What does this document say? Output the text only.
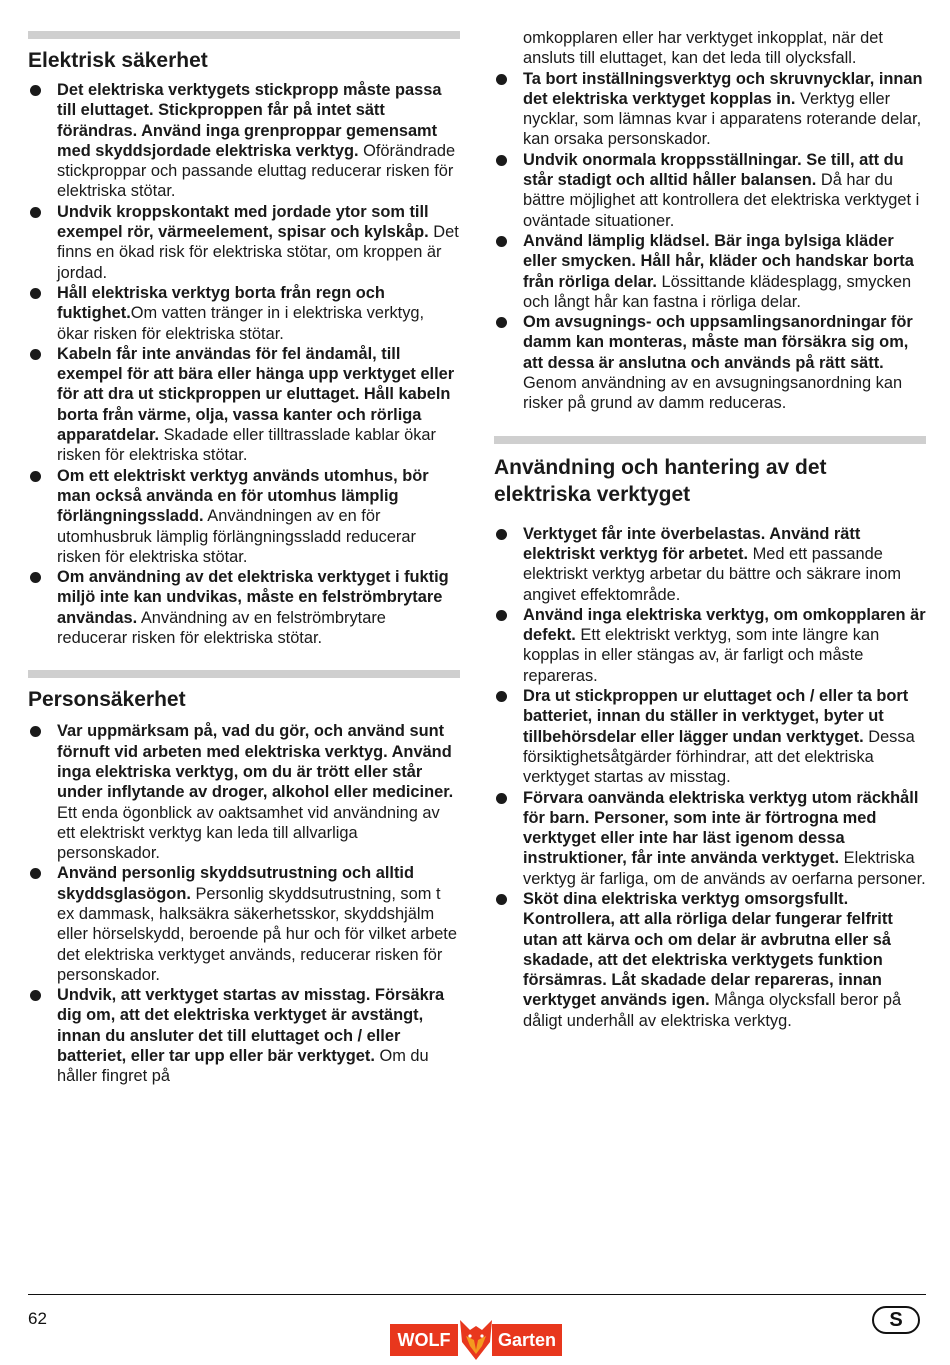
Elektrisk säkerhet
Det elektriska verktygets stickpropp måste passa till eluttaget. Stickproppen får på intet sätt förändras. Använd inga grenproppar gemensamt med skyddsjordade elektriska verktyg. Oförändrade stickproppar och passande eluttag reducerar risken för elektriska stötar.
Undvik kroppskontakt med jordade ytor som till exempel rör, värmeelement, spisar och kylskåp. Det finns en ökad risk för elektriska stötar, om kroppen är jordad.
Håll elektriska verktyg borta från regn och fuktighet.Om vatten tränger in i elektriska verktyg, ökar risken för elektriska stötar.
Kabeln får inte användas för fel ändamål, till exempel för att bära eller hänga upp verktyget eller för att dra ut stickproppen ur eluttaget. Håll kabeln borta från värme, olja, vassa kanter och rörliga apparatdelar. Skadade eller tilltrasslade kablar ökar risken för elektriska stötar.
Om ett elektriskt verktyg används utomhus, bör man också använda en för utomhus lämplig förlängningssladd. Användningen av en för utomhusbruk lämplig förlängningssladd reducerar risken för elektriska stötar.
Om användning av det elektriska verktyget i fuktig miljö inte kan undvikas, måste en felströmbrytare användas. Användning av en felströmbrytare reducerar risken för elektriska stötar.
Personsäkerhet
Var uppmärksam på, vad du gör, och använd sunt förnuft vid arbeten med elektriska verktyg. Använd inga elektriska verktyg, om du är trött eller står under inflytande av droger, alkohol eller mediciner. Ett enda ögonblick av oaktsamhet vid användning av ett elektriskt verktyg kan leda till allvarliga personskador.
Använd personlig skyddsutrustning och alltid skyddsglasögon. Personlig skyddsutrustning, som t ex dammask, halksäkra säkerhetsskor, skyddshjälm eller hörselskydd, beroende på hur och för vilket arbete det elektriska verktyget används, reducerar risken för personskador.
Undvik, att verktyget startas av misstag. Försäkra dig om, att det elektriska verktyget är avstängt, innan du ansluter det till eluttaget och / eller batteriet, eller tar upp eller bär verktyget. Om du håller fingret på
omkopplaren eller har verktyget inkopplat, när det ansluts till eluttaget, kan det leda till olycksfall.
Ta bort inställningsverktyg och skruvnycklar, innan det elektriska verktyget kopplas in. Verktyg eller nycklar, som lämnas kvar i apparatens roterande delar, kan orsaka personskador.
Undvik onormala kroppsställningar. Se till, att du står stadigt och alltid håller balansen. Då har du bättre möjlighet att kontrollera det elektriska verktyget i oväntade situationer.
Använd lämplig klädsel. Bär inga bylsiga kläder eller smycken. Håll hår, kläder och handskar borta från rörliga delar. Lössittande klädesplagg, smycken och långt hår kan fastna i rörliga delar.
Om avsugnings- och uppsamlingsanordningar för damm kan monteras, måste man försäkra sig om, att dessa är anslutna och används på rätt sätt. Genom användning av en avsugningsanordning kan risker på grund av damm reduceras.
Användning och hantering av det elektriska verktyget
Verktyget får inte överbelastas. Använd rätt elektriskt verktyg för arbetet. Med ett passande elektriskt verktyg arbetar du bättre och säkrare inom angivet effektområde.
Använd inga elektriska verktyg, om omkopplaren är defekt. Ett elektriskt verktyg, som inte längre kan kopplas in eller stängas av, är farligt och måste repareras.
Dra ut stickproppen ur eluttaget och / eller ta bort batteriet, innan du ställer in verktyget, byter ut tillbehörsdelar eller lägger undan verktyget. Dessa försiktighetsåtgärder förhindrar, att det elektriska verktyget startas av misstag.
Förvara oanvända elektriska verktyg utom räckhåll för barn. Personer, som inte är förtrogna med verktyget eller inte har läst igenom dessa instruktioner, får inte använda verktyget. Elektriska verktyg är farliga, om de används av oerfarna personer.
Sköt dina elektriska verktyg omsorgsfullt. Kontrollera, att alla rörliga delar fungerar felfritt utan att kärva och om delar är avbrutna eller så skadade, att det elektriska verktygets funktion försämras. Låt skadade delar repareras, innan verktyget används igen. Många olycksfall beror på dåligt underhåll av elektriska verktyg.
62	S
WOLF	Garten
